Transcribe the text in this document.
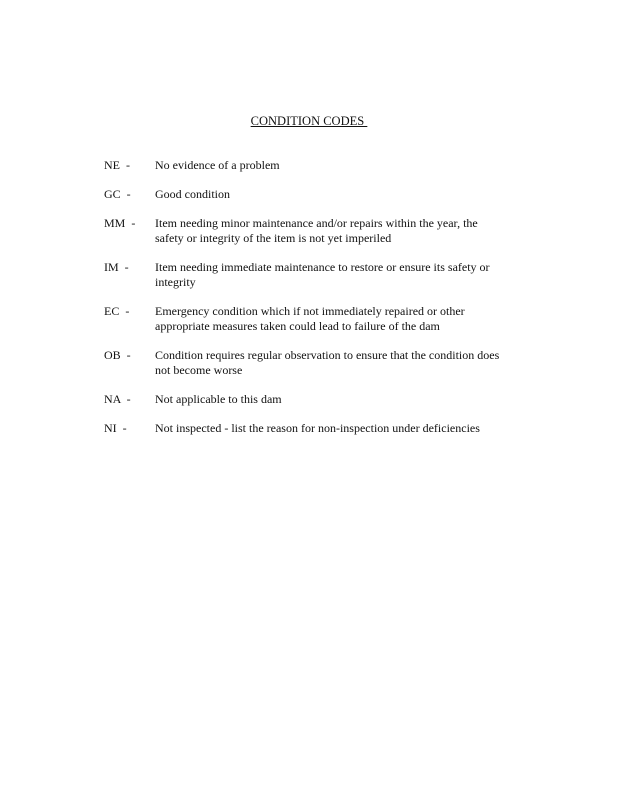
CONDITION CODES
NE  -	No evidence of a problem
GC  -	Good condition
MM  -	Item needing minor maintenance and/or repairs within the year, the safety or integrity of the item is not yet imperiled
IM  -	Item needing immediate maintenance to restore or ensure its safety or integrity
EC  -	Emergency condition which if not immediately repaired or other appropriate measures taken could lead to failure of the dam
OB  -	Condition requires regular observation to ensure that the condition does not become worse
NA  -	Not applicable to this dam
NI  -	Not inspected - list the reason for non-inspection under deficiencies
